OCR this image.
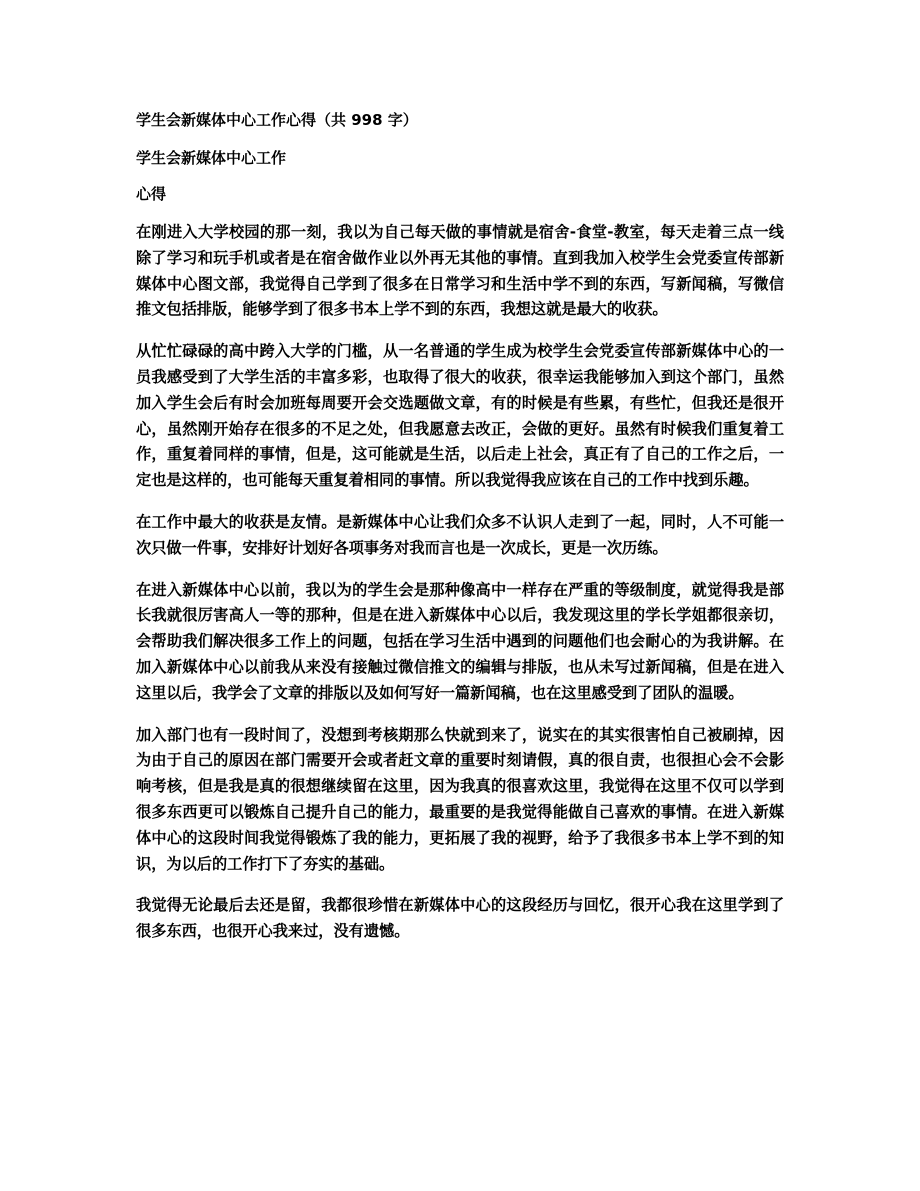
学生会新媒体中心工作心得（共 998 字）
学生会新媒体中心工作
心得

在刚进入大学校园的那一刻，我以为自己每天做的事情就是宿舍-食堂-教室，每天走着三点一线除了学习和玩手机或者是在宿舍做作业以外再无其他的事情。直到我加入校学生会党委宣传部新媒体中心图文部，我觉得自己学到了很多在日常学习和生活中学不到的东西，写新闻稿，写微信推文包括排版，能够学到了很多书本上学不到的东西，我想这就是最大的收获。

从忙忙碌碌的高中跨入大学的门槛，从一名普通的学生成为校学生会党委宣传部新媒体中心的一员我感受到了大学生活的丰富多彩，也取得了很大的收获，很幸运我能够加入到这个部门，虽然加入学生会后有时会加班每周要开会交选题做文章，有的时候是有些累，有些忙，但我还是很开心，虽然刚开始存在很多的不足之处，但我愿意去改正，会做的更好。虽然有时候我们重复着工作，重复着同样的事情，但是，这可能就是生活，以后走上社会，真正有了自己的工作之后，一定也是这样的，也可能每天重复着相同的事情。所以我觉得我应该在自己的工作中找到乐趣。

在工作中最大的收获是友情。是新媒体中心让我们众多不认识人走到了一起，同时，人不可能一次只做一件事，安排好计划好各项事务对我而言也是一次成长，更是一次历练。

在进入新媒体中心以前，我以为的学生会是那种像高中一样存在严重的等级制度，就觉得我是部长我就很厉害高人一等的那种，但是在进入新媒体中心以后，我发现这里的学长学姐都很亲切，会帮助我们解决很多工作上的问题，包括在学习生活中遇到的问题他们也会耐心的为我讲解。在加入新媒体中心以前我从来没有接触过微信推文的编辑与排版，也从未写过新闻稿，但是在进入这里以后，我学会了文章的排版以及如何写好一篇新闻稿，也在这里感受到了团队的温暖。

加入部门也有一段时间了，没想到考核期那么快就到来了，说实在的其实很害怕自己被刷掉，因为由于自己的原因在部门需要开会或者赶文章的重要时刻请假，真的很自责，也很担心会不会影响考核，但是我是真的很想继续留在这里，因为我真的很喜欢这里，我觉得在这里不仅可以学到很多东西更可以锻炼自己提升自己的能力，最重要的是我觉得能做自己喜欢的事情。在进入新媒体中心的这段时间我觉得锻炼了我的能力，更拓展了我的视野，给予了我很多书本上学不到的知识，为以后的工作打下了夯实的基础。

我觉得无论最后去还是留，我都很珍惜在新媒体中心的这段经历与回忆，很开心我在这里学到了很多东西，也很开心我来过，没有遗憾。
